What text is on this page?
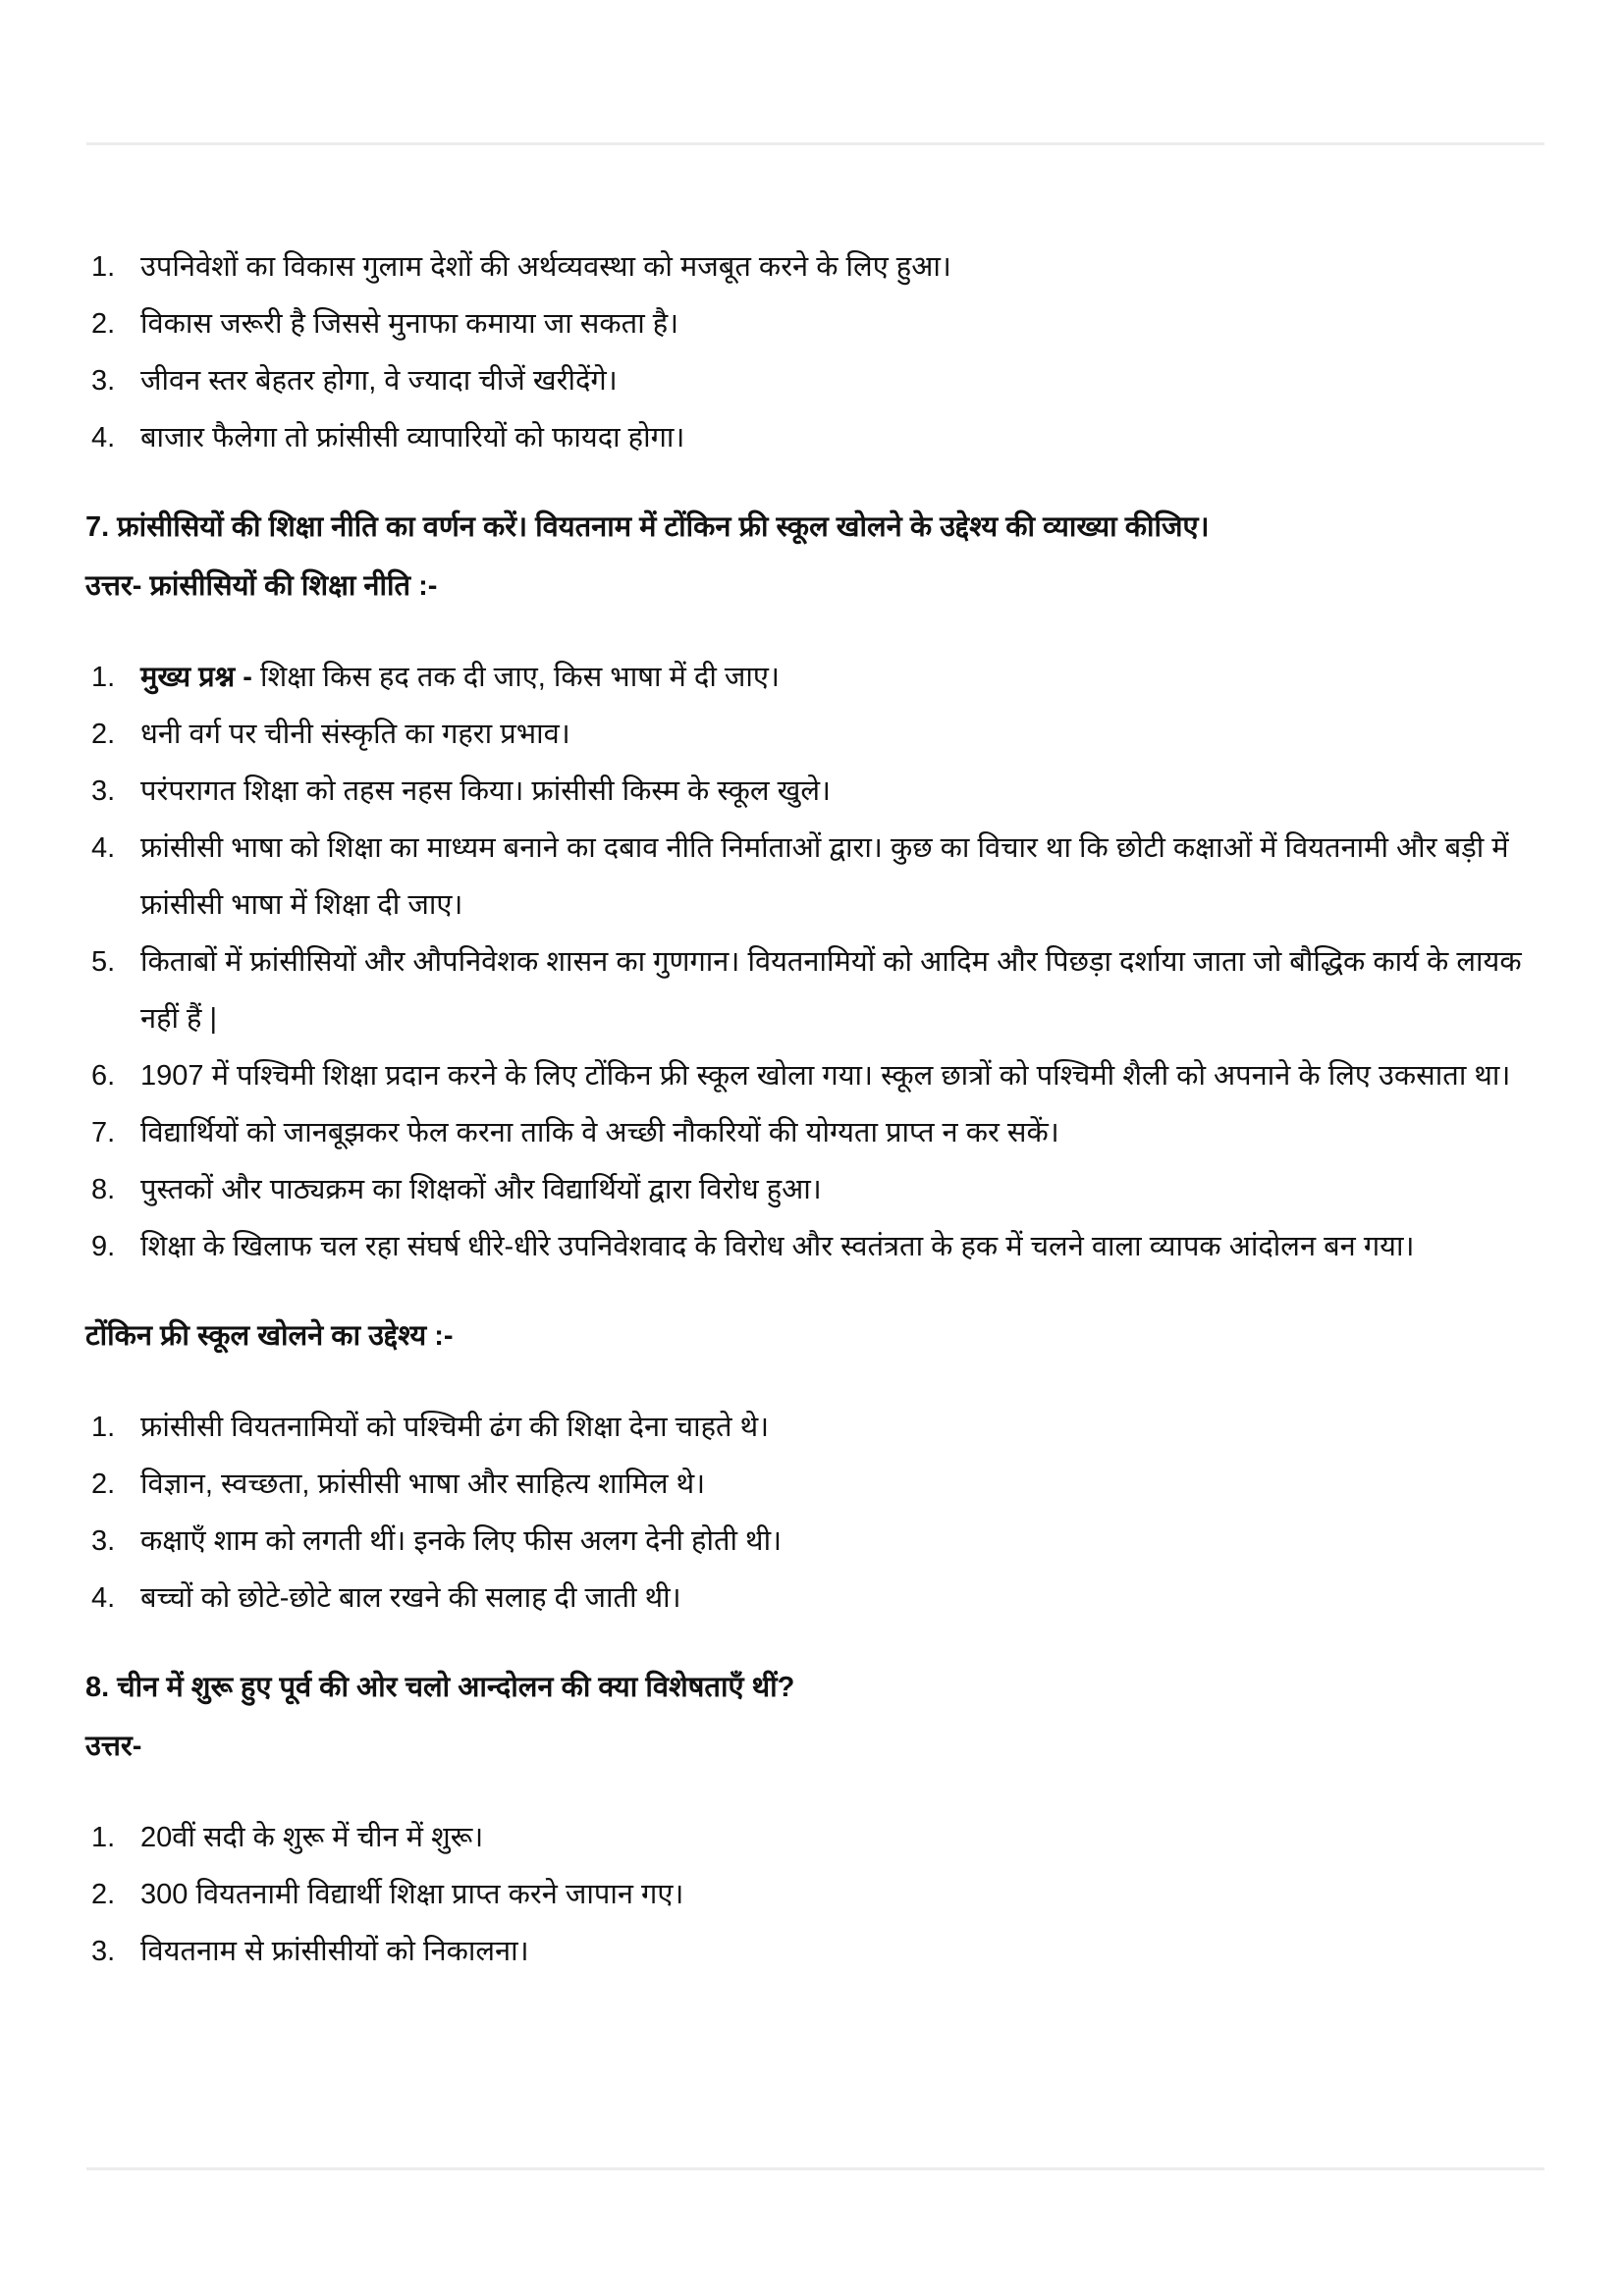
1. उपनिवेशों का विकास गुलाम देशों की अर्थव्यवस्था को मजबूत करने के लिए हुआ।
2. विकास जरूरी है जिससे मुनाफा कमाया जा सकता है।
3. जीवन स्तर बेहतर होगा, वे ज्यादा चीजें खरीदेंगे।
4. बाजार फैलेगा तो फ्रांसीसी व्यापारियों को फायदा होगा।
7. फ्रांसीसियों की शिक्षा नीति का वर्णन करें। वियतनाम में टोंकिन फ्री स्कूल खोलने के उद्देश्य की व्याख्या कीजिए।
उत्तर- फ्रांसीसियों की शिक्षा नीति :-
1. मुख्य प्रश्न - शिक्षा किस हद तक दी जाए, किस भाषा में दी जाए।
2. धनी वर्ग पर चीनी संस्कृति का गहरा प्रभाव।
3. परंपरागत शिक्षा को तहस नहस किया। फ्रांसीसी किस्म के स्कूल खुले।
4. फ्रांसीसी भाषा को शिक्षा का माध्यम बनाने का दबाव नीति निर्माताओं द्वारा। कुछ का विचार था कि छोटी कक्षाओं में वियतनामी और बड़ी में फ्रांसीसी भाषा में शिक्षा दी जाए।
5. किताबों में फ्रांसीसियों और औपनिवेशक शासन का गुणगान। वियतनामियों को आदिम और पिछड़ा दर्शाया जाता जो बौद्धिक कार्य के लायक नहीं हैं |
6. 1907 में पश्चिमी शिक्षा प्रदान करने के लिए टोंकिन फ्री स्कूल खोला गया। स्कूल छात्रों को पश्चिमी शैली को अपनाने के लिए उकसाता था।
7. विद्यार्थियों को जानबूझकर फेल करना ताकि वे अच्छी नौकरियों की योग्यता प्राप्त न कर सकें।
8. पुस्तकों और पाठ्यक्रम का शिक्षकों और विद्यार्थियों द्वारा विरोध हुआ।
9. शिक्षा के खिलाफ चल रहा संघर्ष धीरे-धीरे उपनिवेशवाद के विरोध और स्वतंत्रता के हक में चलने वाला व्यापक आंदोलन बन गया।
टोंकिन फ्री स्कूल खोलने का उद्देश्य :-
1. फ्रांसीसी वियतनामियों को पश्चिमी ढंग की शिक्षा देना चाहते थे।
2. विज्ञान, स्वच्छता, फ्रांसीसी भाषा और साहित्य शामिल थे।
3. कक्षाएँ शाम को लगती थीं। इनके लिए फीस अलग देनी होती थी।
4. बच्चों को छोटे-छोटे बाल रखने की सलाह दी जाती थी।
8. चीन में शुरू हुए पूर्व की ओर चलो आन्दोलन की क्या विशेषताएँ थीं?
उत्तर-
1. 20वीं सदी के शुरू में चीन में शुरू।
2. 300 वियतनामी विद्यार्थी शिक्षा प्राप्त करने जापान गए।
3. वियतनाम से फ्रांसीसीयों को निकालना।
